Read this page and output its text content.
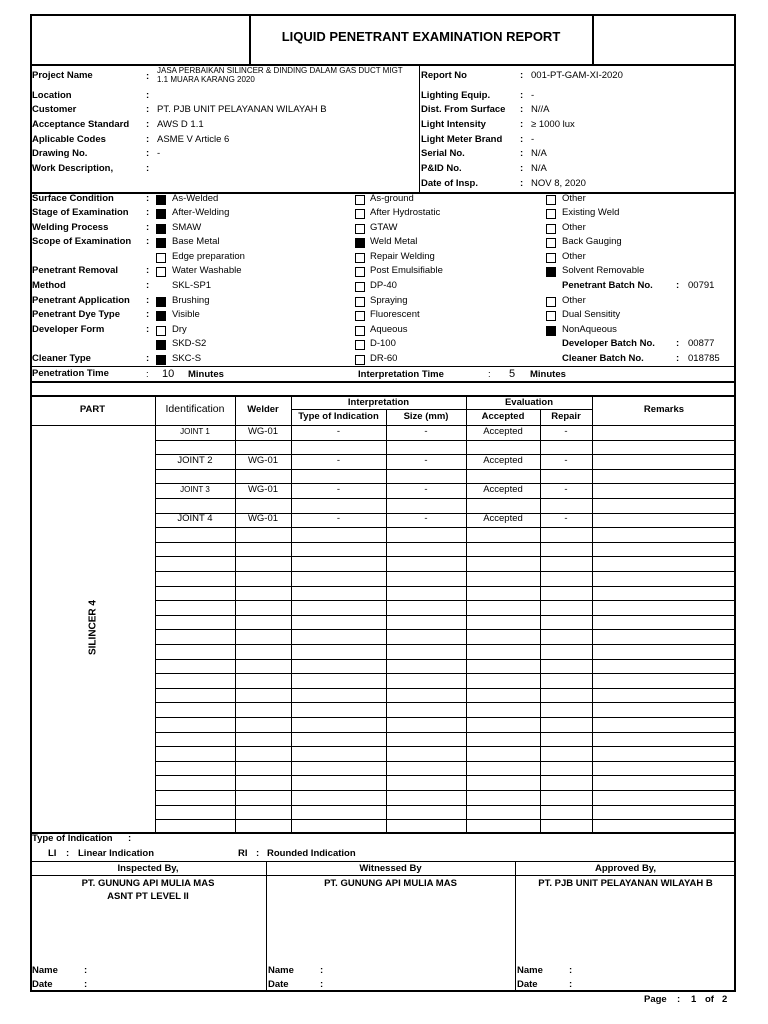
LIQUID PENETRANT EXAMINATION REPORT
Project Name	:
JASA PERBAIKAN SILINCER & DINDING DALAM GAS DUCT MIGT
1.1 MUARA KARANG 2020
Location	:
Customer	: PT. PJB UNIT PELAYANAN WILAYAH B
Acceptance Standard : AWS D 1.1
Aplicable Codes	: ASME V Article 6
Drawing No.	: -
Work Description,	:
Report No	: 001-PT-GAM-XI-2020
Lighting Equip.	: -
Dist. From Surface : N//A
Light Intensity	: ≥ 1000 lux
Light Meter Brand : -
Serial No.	: N/A
P&ID No.	: N/A
Date of Insp.	: NOV 8, 2020
Surface Condition	: As-Welded	As-ground	Other
Stage of Examination : After-Welding	After Hydrostatic	Existing Weld
Welding Process	: SMAW	GTAW	Other
Scope of Examination : Base Metal	Weld Metal	Back Gauging
Edge preparation	Repair Welding	Other
Penetrant Removal	: Water Washable	Post Emulsifiable	Solvent Removable
Method	: SKL-SP1	DP-40	Penetrant Batch No. : 00791
Penetrant Application : Brushing	Spraying	Other
Penetrant Dye Type	: Visible	Fluorescent	Dual Sensitity
Developer Form	: Dry	Aqueous	NonAqueous
SKD-S2	D-100	Developer Batch No. : 00877
Cleaner Type	: SKC-S	DR-60	Cleaner Batch No.	: 018785
Penetration Time	: 10 Minutes	Interpretation Time	: 5 Minutes
PART	Identification	Welder
Interpretation
Type of Indication	Size (mm)
Evaluation
Accepted	Repair
Remarks
JOINT 1	WG-01	-	-	Accepted	-
JOINT 2	WG-01	-	-	Accepted	-
JOINT 3	WG-01	-	-	Accepted	-
JOINT 4	WG-01	-	-	Accepted	-
SILINCER 4
Type of Indication :
LI : Linear Indication	RI : Rounded Indication
Inspected By,
PT. GUNUNG API MULIA MAS
ASNT PT LEVEL II
Name	:
Date	:
Witnessed By
PT. GUNUNG API MULIA MAS
Name	:
Date	:
Approved By,
PT. PJB UNIT PELAYANAN WILAYAH B
Name	:
Date	:
Page : 1 of 2
